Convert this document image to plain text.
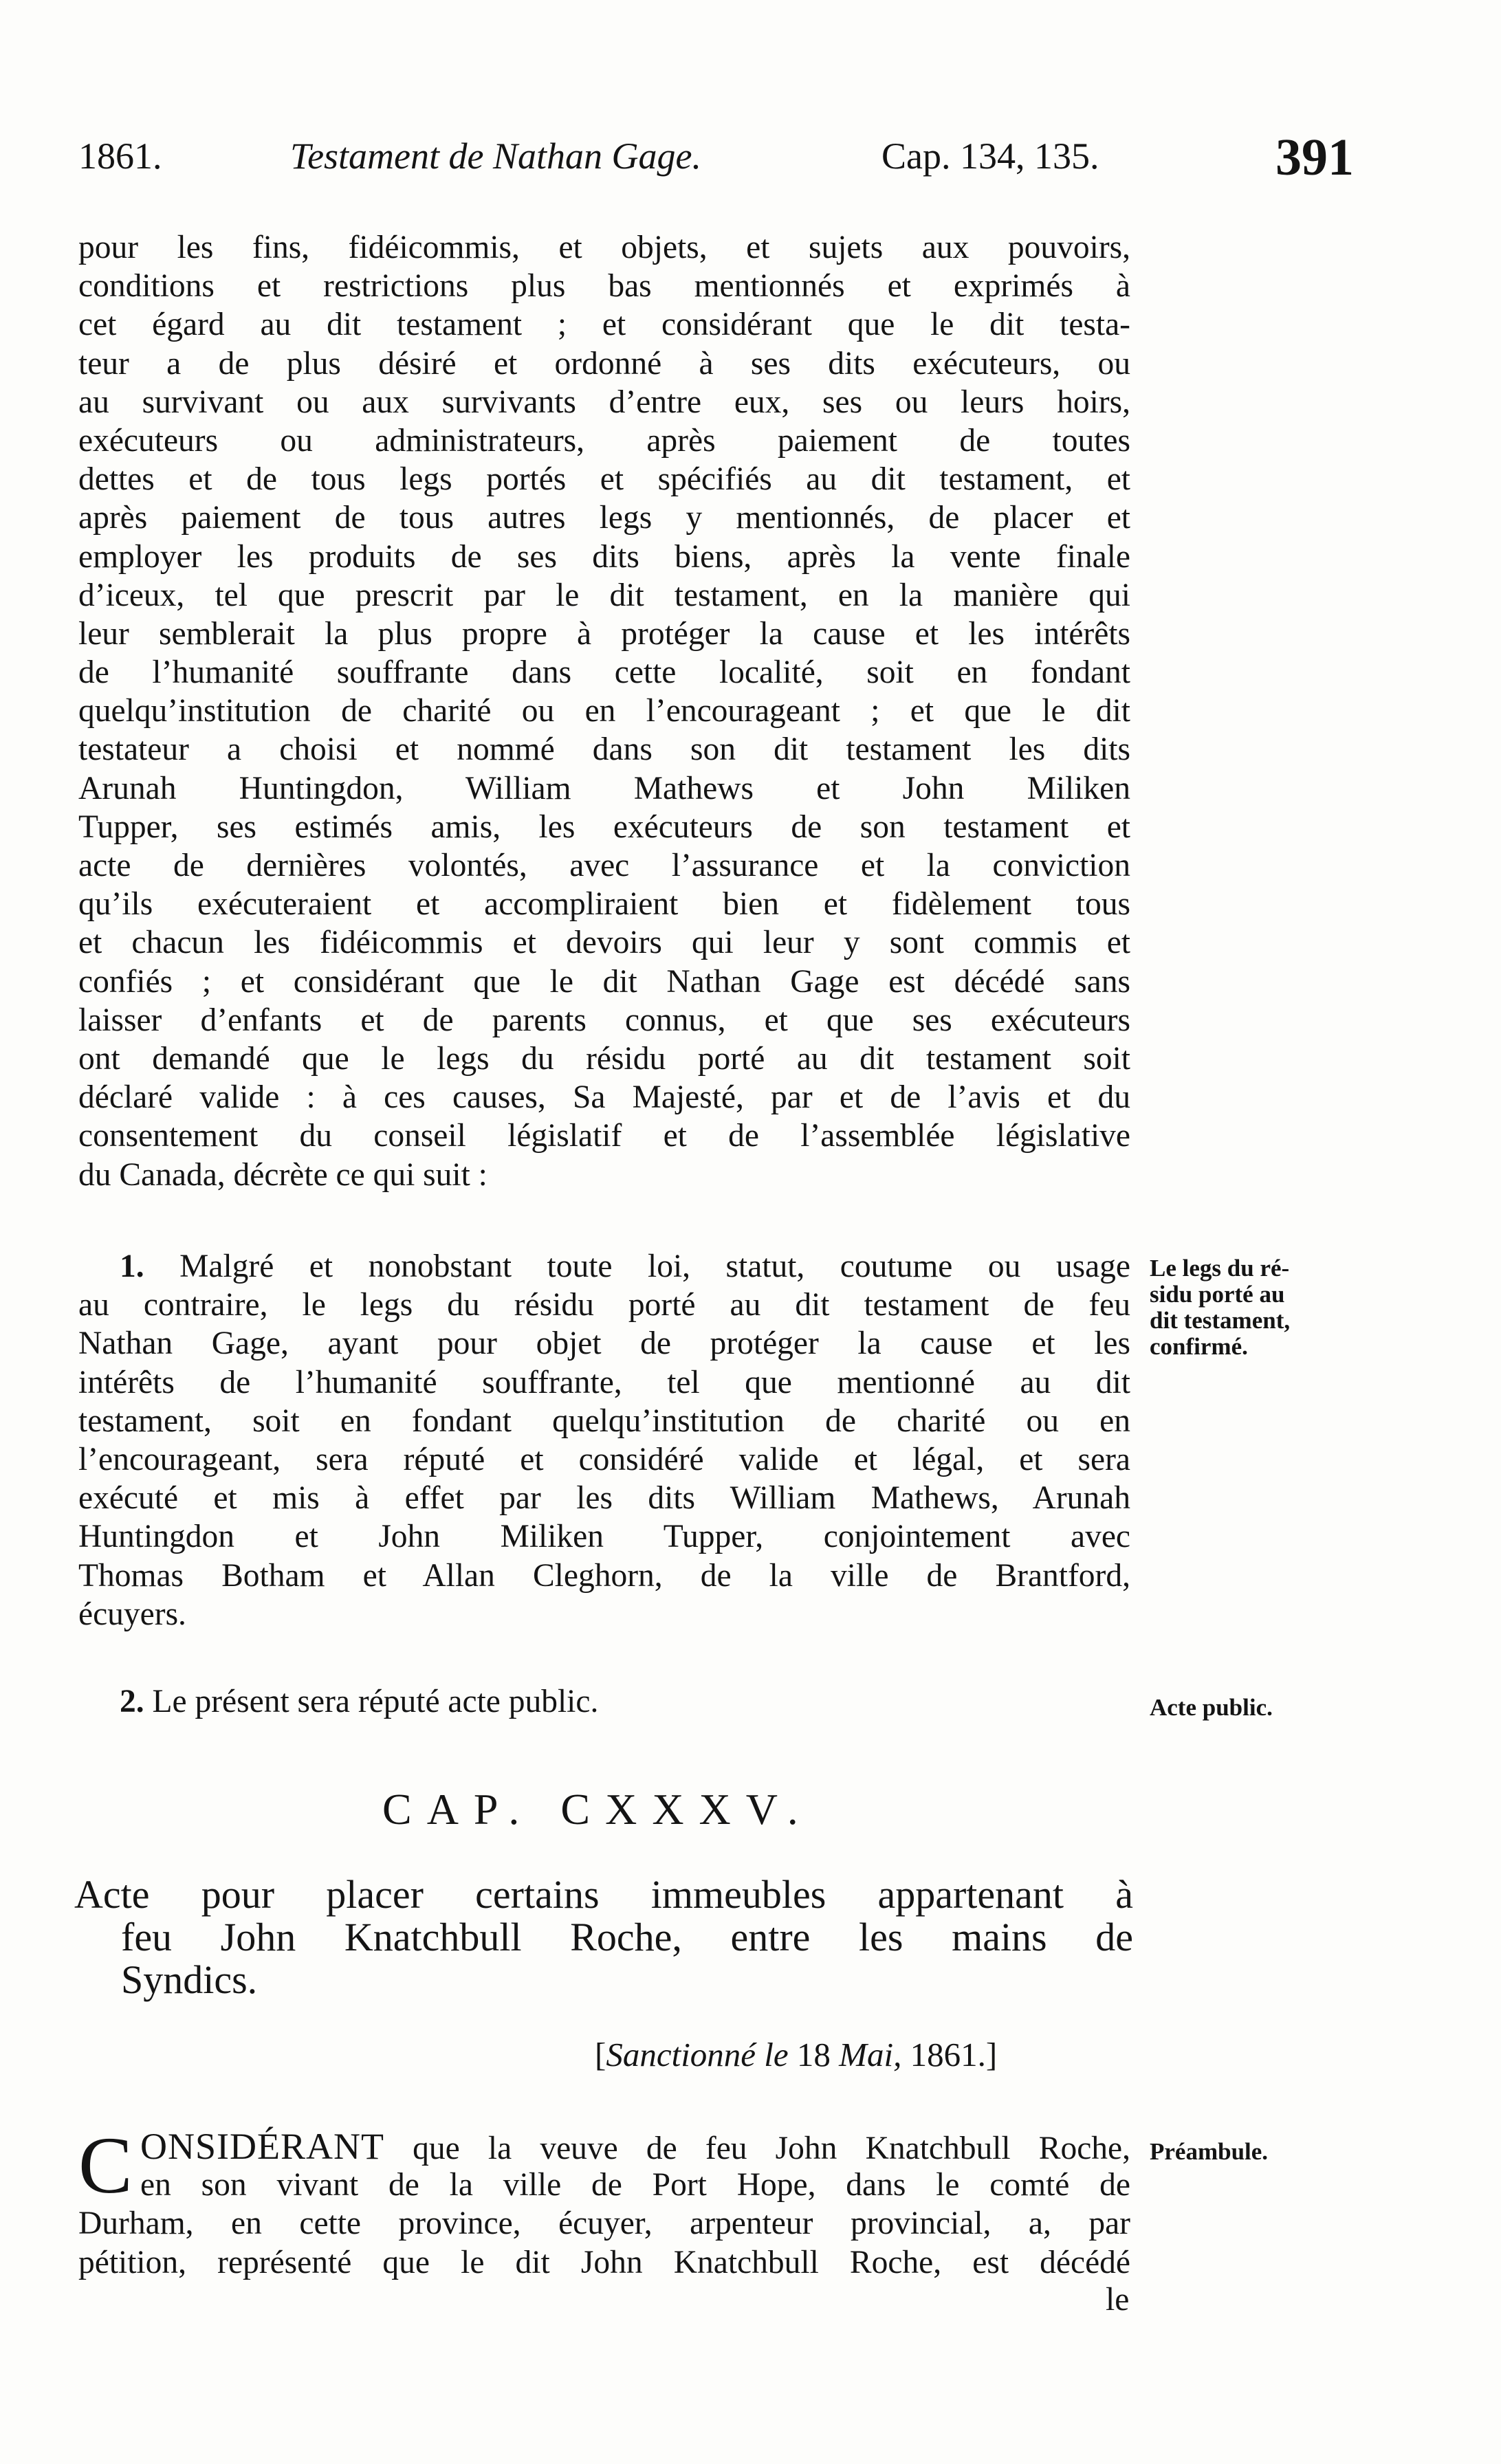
1861.	Testament de Nathan Gage.	Cap. 134, 135.	391
pour les fins, fidéicommis, et objets, et sujets aux pouvoirs,
conditions et restrictions plus bas mentionnés et exprimés à
cet égard au dit testament ; et considérant que le dit testa-
teur a de plus désiré et ordonné à ses dits exécuteurs, ou
au survivant ou aux survivants d’entre eux, ses ou leurs hoirs,
exécuteurs ou administrateurs, après paiement de toutes
dettes et de tous legs portés et spécifiés au dit testament, et
après paiement de tous autres legs y mentionnés, de placer et
employer les produits de ses dits biens, après la vente finale
d’iceux, tel que prescrit par le dit testament, en la manière qui
leur semblerait la plus propre à protéger la cause et les intérêts
de l’humanité souffrante dans cette localité, soit en fondant
quelqu’institution de charité ou en l’encourageant ; et que le dit
testateur a choisi et nommé dans son dit testament les dits
Arunah Huntingdon, William Mathews et John Miliken
Tupper, ses estimés amis, les exécuteurs de son testament et
acte de dernières volontés, avec l’assurance et la conviction
qu’ils exécuteraient et accompliraient bien et fidèlement tous
et chacun les fidéicommis et devoirs qui leur y sont commis et
confiés ; et considérant que le dit Nathan Gage est décédé sans
laisser d’enfants et de parents connus, et que ses exécuteurs
ont demandé que le legs du résidu porté au dit testament soit
déclaré valide : à ces causes, Sa Majesté, par et de l’avis et du
consentement du conseil législatif et de l’assemblée législative
du Canada, décrète ce qui suit :
1. Malgré et nonobstant toute loi, statut, coutume ou usage
au contraire, le legs du résidu porté au dit testament de feu
Nathan Gage, ayant pour objet de protéger la cause et les
intérêts de l’humanité souffrante, tel que mentionné au dit
testament, soit en fondant quelqu’institution de charité ou en
l’encourageant, sera réputé et considéré valide et légal, et sera
exécuté et mis à effet par les dits William Mathews, Arunah
Huntingdon et John Miliken Tupper, conjointement avec
Thomas Botham et Allan Cleghorn, de la ville de Brantford,
écuyers.
Le legs du ré-
sidu porté au
dit testament,
confirmé.
2. Le présent sera réputé acte public.	Acte public.
CAP. CXXXV.
Acte pour placer certains immeubles appartenant à
feu John Knatchbull Roche, entre les mains de
Syndics.
[Sanctionné le 18 Mai, 1861.]
C ONSIDÉRANT que la veuve de feu John Knatchbull Roche,
en son vivant de la ville de Port Hope, dans le comté de
Durham, en cette province, écuyer, arpenteur provincial, a, par
pétition, représenté que le dit John Knatchbull Roche, est décédé
Préambule.
le
